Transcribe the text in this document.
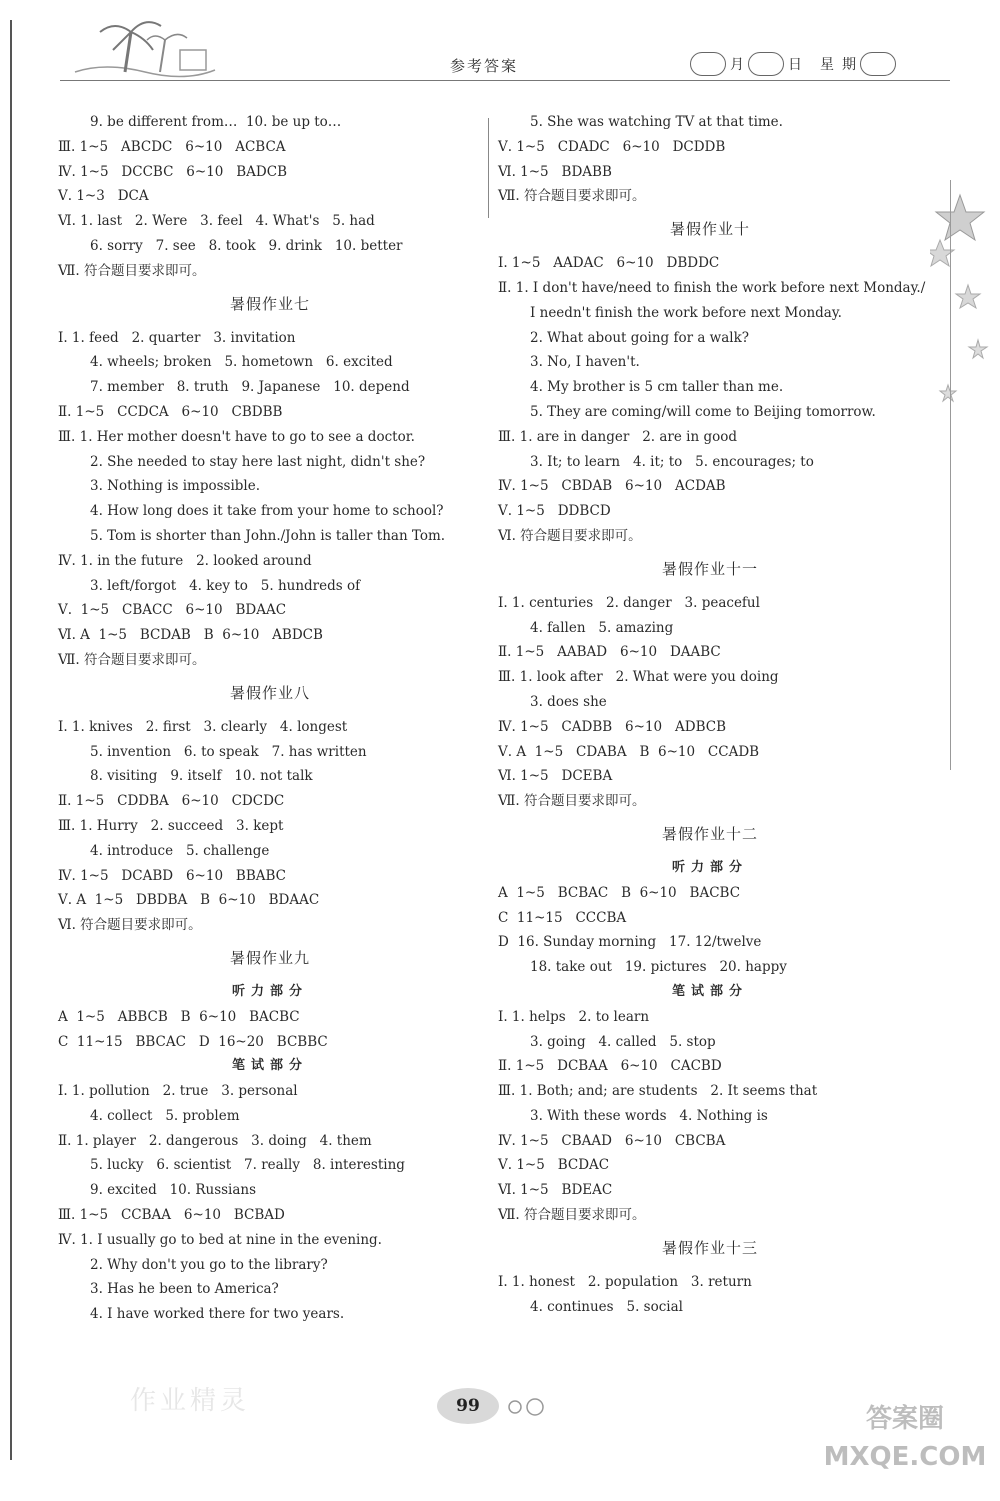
参考答案	月	日 星 期
9. be different from…  10. be up to…
Ⅲ. 1~5   ABCDC   6~10   ACBCA
Ⅳ. 1~5   DCCBC   6~10   BADCB
Ⅴ. 1~3   DCA
Ⅵ. 1. last   2. Were   3. feel   4. What's   5. had
6. sorry   7. see   8. took   9. drink   10. better
Ⅶ. 符合题目要求即可。
暑假作业七
Ⅰ. 1. feed   2. quarter   3. invitation
4. wheels; broken   5. hometown   6. excited
7. member   8. truth   9. Japanese   10. depend
Ⅱ. 1~5   CCDCA   6~10   CBDBB
Ⅲ. 1. Her mother doesn't have to go to see a doctor.
2. She needed to stay here last night, didn't she?
3. Nothing is impossible.
4. How long does it take from your home to school?
5. Tom is shorter than John./John is taller than Tom.
Ⅳ. 1. in the future   2. looked around
3. left/forgot   4. key to   5. hundreds of
Ⅴ.  1~5   CBACC   6~10   BDAAC
Ⅵ. A  1~5   BCDAB   B  6~10   ABDCB
Ⅶ. 符合题目要求即可。
暑假作业八
Ⅰ. 1. knives   2. first   3. clearly   4. longest
5. invention   6. to speak   7. has written
8. visiting   9. itself   10. not talk
Ⅱ. 1~5   CDDBA   6~10   CDCDC
Ⅲ. 1. Hurry   2. succeed   3. kept
4. introduce   5. challenge
Ⅳ. 1~5   DCABD   6~10   BBABC
Ⅴ. A  1~5   DBDBA   B  6~10   BDAAC
Ⅵ. 符合题目要求即可。
暑假作业九
听力部分
A  1~5   ABBCB   B  6~10   BACBC
C  11~15   BBCAC   D  16~20   BCBBC
笔试部分
Ⅰ. 1. pollution   2. true   3. personal
4. collect   5. problem
Ⅱ. 1. player   2. dangerous   3. doing   4. them
5. lucky   6. scientist   7. really   8. interesting
9. excited   10. Russians
Ⅲ. 1~5   CCBAA   6~10   BCBAD
Ⅳ. 1. I usually go to bed at nine in the evening.
2. Why don't you go to the library?
3. Has he been to America?
4. I have worked there for two years.
5. She was watching TV at that time.
Ⅴ. 1~5   CDADC   6~10   DCDDB
Ⅵ. 1~5   BDABB
Ⅶ. 符合题目要求即可。
暑假作业十
Ⅰ. 1~5   AADAC   6~10   DBDDC
Ⅱ. 1. I don't have/need to finish the work before next Monday./
I needn't finish the work before next Monday.
2. What about going for a walk?
3. No, I haven't.
4. My brother is 5 cm taller than me.
5. They are coming/will come to Beijing tomorrow.
Ⅲ. 1. are in danger   2. are in good
3. It; to learn   4. it; to   5. encourages; to
Ⅳ. 1~5   CBDAB   6~10   ACDAB
Ⅴ. 1~5   DDBCD
Ⅵ. 符合题目要求即可。
暑假作业十一
Ⅰ. 1. centuries   2. danger   3. peaceful
4. fallen   5. amazing
Ⅱ. 1~5   AABAD   6~10   DAABC
Ⅲ. 1. look after   2. What were you doing
3. does she
Ⅳ. 1~5   CADBB   6~10   ADBCB
Ⅴ. A  1~5   CDABA   B  6~10   CCADB
Ⅵ. 1~5   DCEBA
Ⅶ. 符合题目要求即可。
暑假作业十二
听力部分
A  1~5   BCBAC   B  6~10   BACBC
C  11~15   CCCBA
D  16. Sunday morning   17. 12/twelve
18. take out   19. pictures   20. happy
笔试部分
Ⅰ. 1. helps   2. to learn
3. going   4. called   5. stop
Ⅱ. 1~5   DCBAA   6~10   CACBD
Ⅲ. 1. Both; and; are students   2. It seems that
3. With these words   4. Nothing is
Ⅳ. 1~5   CBAAD   6~10   CBCBA
Ⅴ. 1~5   BCDAC
Ⅵ. 1~5   BDEAC
Ⅶ. 符合题目要求即可。
暑假作业十三
Ⅰ. 1. honest   2. population   3. return
4. continues   5. social
作业精灵	99	答案圈 MXQE.COM
